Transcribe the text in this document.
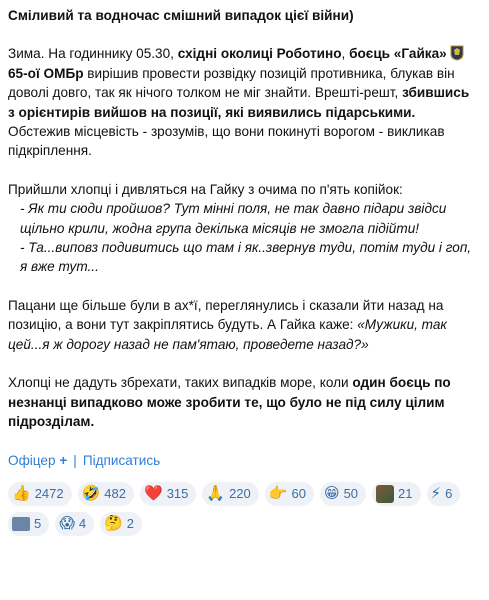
Сміливий та водночас смішний випадок цієї війни)
Зима. На годиннику 05.30, східні околиці Роботино, боєць «Гайка»65-ої ОМБр вирішив провести розвідку позицій противника, блукав він доволі довго, так як нічого толком не міг знайти. Врешті-решт, збившись з орієнтирів вийшов на позиції, які виявились підарськими. Обстежив місцевість - зрозумів, що вони покинуті ворогом - викликав підкріплення.

Прийшли хлопці і дивляться на Гайку з очима по п'ять копійок:

- Як ти сюди пройшов? Тут мінні поля, не так давно підари звідси щільно крили, жодна група декілька місяців не змогла підійти!

- Та...виповз подивитись що там і як..звернув туди, потім туди і гоп, я вже тут...

Пацани ще більше були в ах*ї, переглянулись і сказали йти назад на позицію, а вони тут закріплятись будуть. А Гайка каже: «Мужики, так цей...я ж дорогу назад не пам'ятаю, проведете назад?»
Хлопці не дадуть збрехати, таких випадків море, коли один боєць по незнанці випадково може зробити те, що було не під силу цілим підрозділам.
Офіцер + | Підписатись
👍 2472 🤣 482 ❤️ 315 🙏 220 👉 60 😁 50	21 ⚡ 6
5 😱 4 🤔 2
